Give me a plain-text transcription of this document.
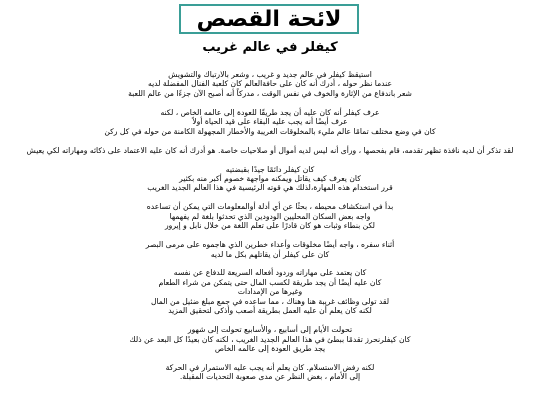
لائحة القصص
كيفلر في عالم غريب
استيقظ كيفلر في عالم جديد و غريب ، وشعر بالارتباك والتشويش
عندما نظر حوله ، أدرك أنه كان على حافةالعالم كان كلعبة الفنال المفضلة لديه
شعر باندفاع من الإثارة والخوف في نفس الوقت ، مدركاً أنه أصبح الآن جزءًا من عالم اللعبة
عرف كيفلر أنه كان عليه أن يجد طريقًا للعودة إلى عالمه الخاص ، لكنه
عرف أيضًا أنه يجب عليه البقاء على قيد الحياة أولاً
كان في وضع مختلف تمامًا عالم مليء بالمخلوقات الغريبة والأخطار المجهولة الكامنة من حوله في كل ركن
لقد تذكر أن لديه نافذة تظهر تقدمه، قام بفحصها ، ورأى أنه ليس لديه أموال أو صلاحيات خاصة. هو أدرك أنه كان عليه الاعتماد على ذكائه ومهاراته لكي يعيش
كان كيفلر دائمًا جيدًا بقبضتيه
كان يعرف كيف يقاتل ويمكنه مواجهة خصوم أكبر منه بكثير
قرر استخدام هذه المهارة،لذلك هي قوته الرئيسية في هذا العالم الجديد الغريب
بدأ في استكشاف محيطه ، بحثًا عن أي أدلة أوالمعلومات التي يمكن أن تساعده
واجه بعض السكان المحليين الودودين الذي تحدثوا بلغة لم يفهمها
لكن بنطاء وثبات هو كان قادرًا على تعلم اللغة من خلال نابل و إيرور
أثناء سفره ، واجه أيضًا مخلوقات وأعداء خطرين الذي هاجموه على مرمى البصر
كان على كيفلر أن يقاتلهم بكل ما لديه
كان يعتمد على مهاراته وردود أفعاله السريعة للدفاع عن نفسه
كان عليه أيضًا أن يجد طريقة لكسب المال حتى يتمكن من شراء الطعام
وغيرها من الإمدادات
لقد تولى وظائف غريبة هنا وهناك ، مما ساعده في جمع مبلغ ضئيل من المال
لكنه كان يعلم أن عليه العمل بطريقة أصعب وأذكى لتحقيق المزيد
تحولت الأيام إلى أسابيع ، والأسابيع تحولت إلى شهور
كان كيفلرنحرز تقدمًا ببطئ في هذا العالم الجديد الغريب ، لكنه كان بعيدًا كل البعد عن ذلك
يجد طريق العودة إلى عالمه الخاص
لكنه رفض الاستسلام. كان يعلم أنه يجب عليه الاستمرار في الحركة
إلى الأمام ، بغض النظر عن مدى صعوبة التحديات المقبلة.
